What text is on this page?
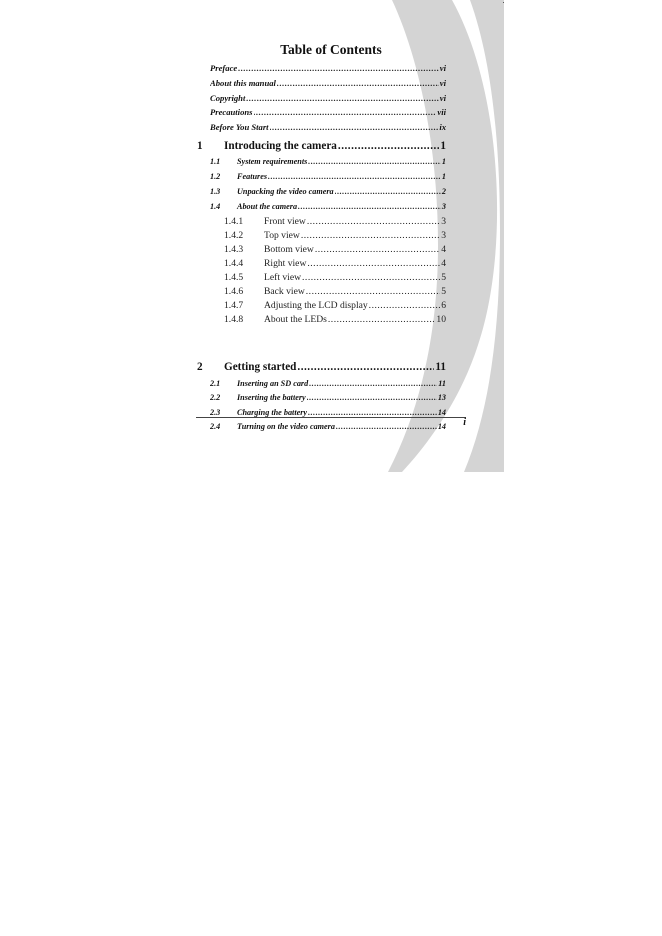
Table of Contents
Preface .....	vi
About this manual .....	vi
Copyright .....	vi
Precautions .....	vii
Before You Start .....	ix
1	Introducing the camera .....	1
1.1	System requirements .....	1
1.2	Features .....	1
1.3	Unpacking the video camera .....	2
1.4	About the camera .....	3
1.4.1	Front view .....	3
1.4.2	Top view .....	3
1.4.3	Bottom view .....	4
1.4.4	Right view .....	4
1.4.5	Left view .....	5
1.4.6	Back view .....	5
1.4.7	Adjusting the LCD display .....	6
1.4.8	About the LEDs .....	10
2	Getting started .....	11
2.1	Inserting an SD card .....	11
2.2	Inserting the battery .....	13
2.3	Charging the battery .....	14
2.4	Turning on the video camera .....	14	i
